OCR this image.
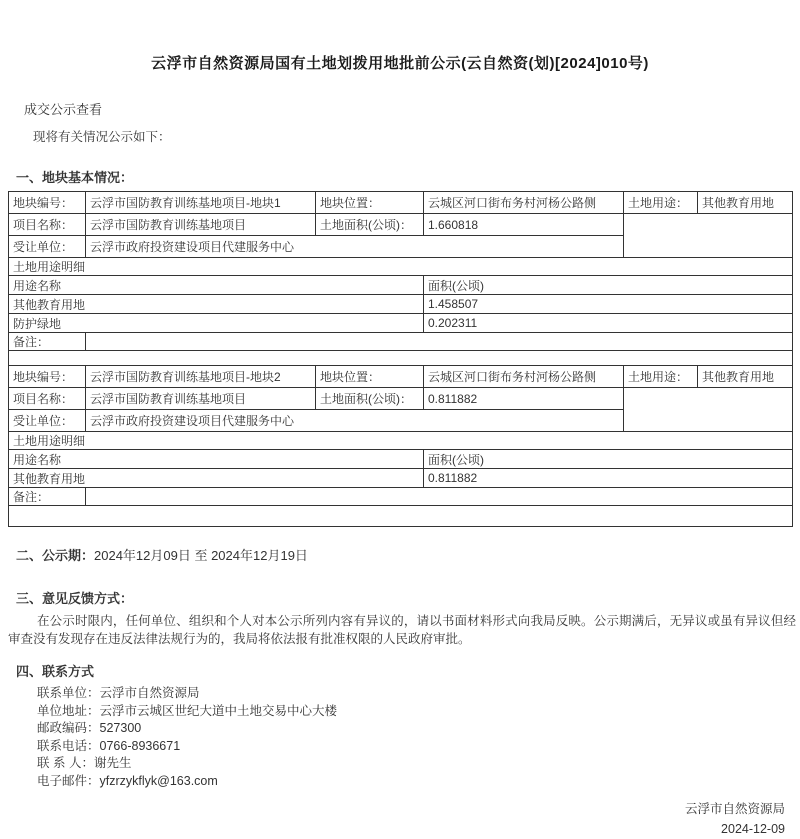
云浮市自然资源局国有土地划拨用地批前公示(云自然资(划)[2024]010号)
成交公示查看
现将有关情况公示如下：
一、地块基本情况：
地块编号：	云浮市国防教育训练基地项目-地块1	地块位置：	云城区河口街布务村河杨公路侧	土地用途：	其他教育用地
项目名称：	云浮市国防教育训练基地项目	土地面积(公顷)：	1.660818		
受让单位：	云浮市政府投资建设项目代建服务中心				
土地用途明细					
用途名称			面积(公顷)		
其他教育用地			1.458507		
防护绿地			0.202311		
备注：					

地块编号：	云浮市国防教育训练基地项目-地块2	地块位置：	云城区河口街布务村河杨公路侧	土地用途：	其他教育用地
项目名称：	云浮市国防教育训练基地项目	土地面积(公顷)：	0.811882		
受让单位：	云浮市政府投资建设项目代建服务中心				
土地用途明细					
用途名称			面积(公顷)		
其他教育用地			0.811882		
备注：					

二、公示期：2024年12月09日 至 2024年12月19日
三、意见反馈方式：
在公示时限内，任何单位、组织和个人对本公示所列内容有异议的，请以书面材料形式向我局反映。公示期满后，无异议或虽有异议但经审查没有发现存在违反法律法规行为的，我局将依法报有批准权限的人民政府审批。
四、联系方式
联系单位：云浮市自然资源局
单位地址：云浮市云城区世纪大道中土地交易中心大楼
邮政编码：527300
联系电话：0766-8936671
联 系 人：谢先生
电子邮件：yfzrzykflyk@163.com
云浮市自然资源局
2024-12-09
